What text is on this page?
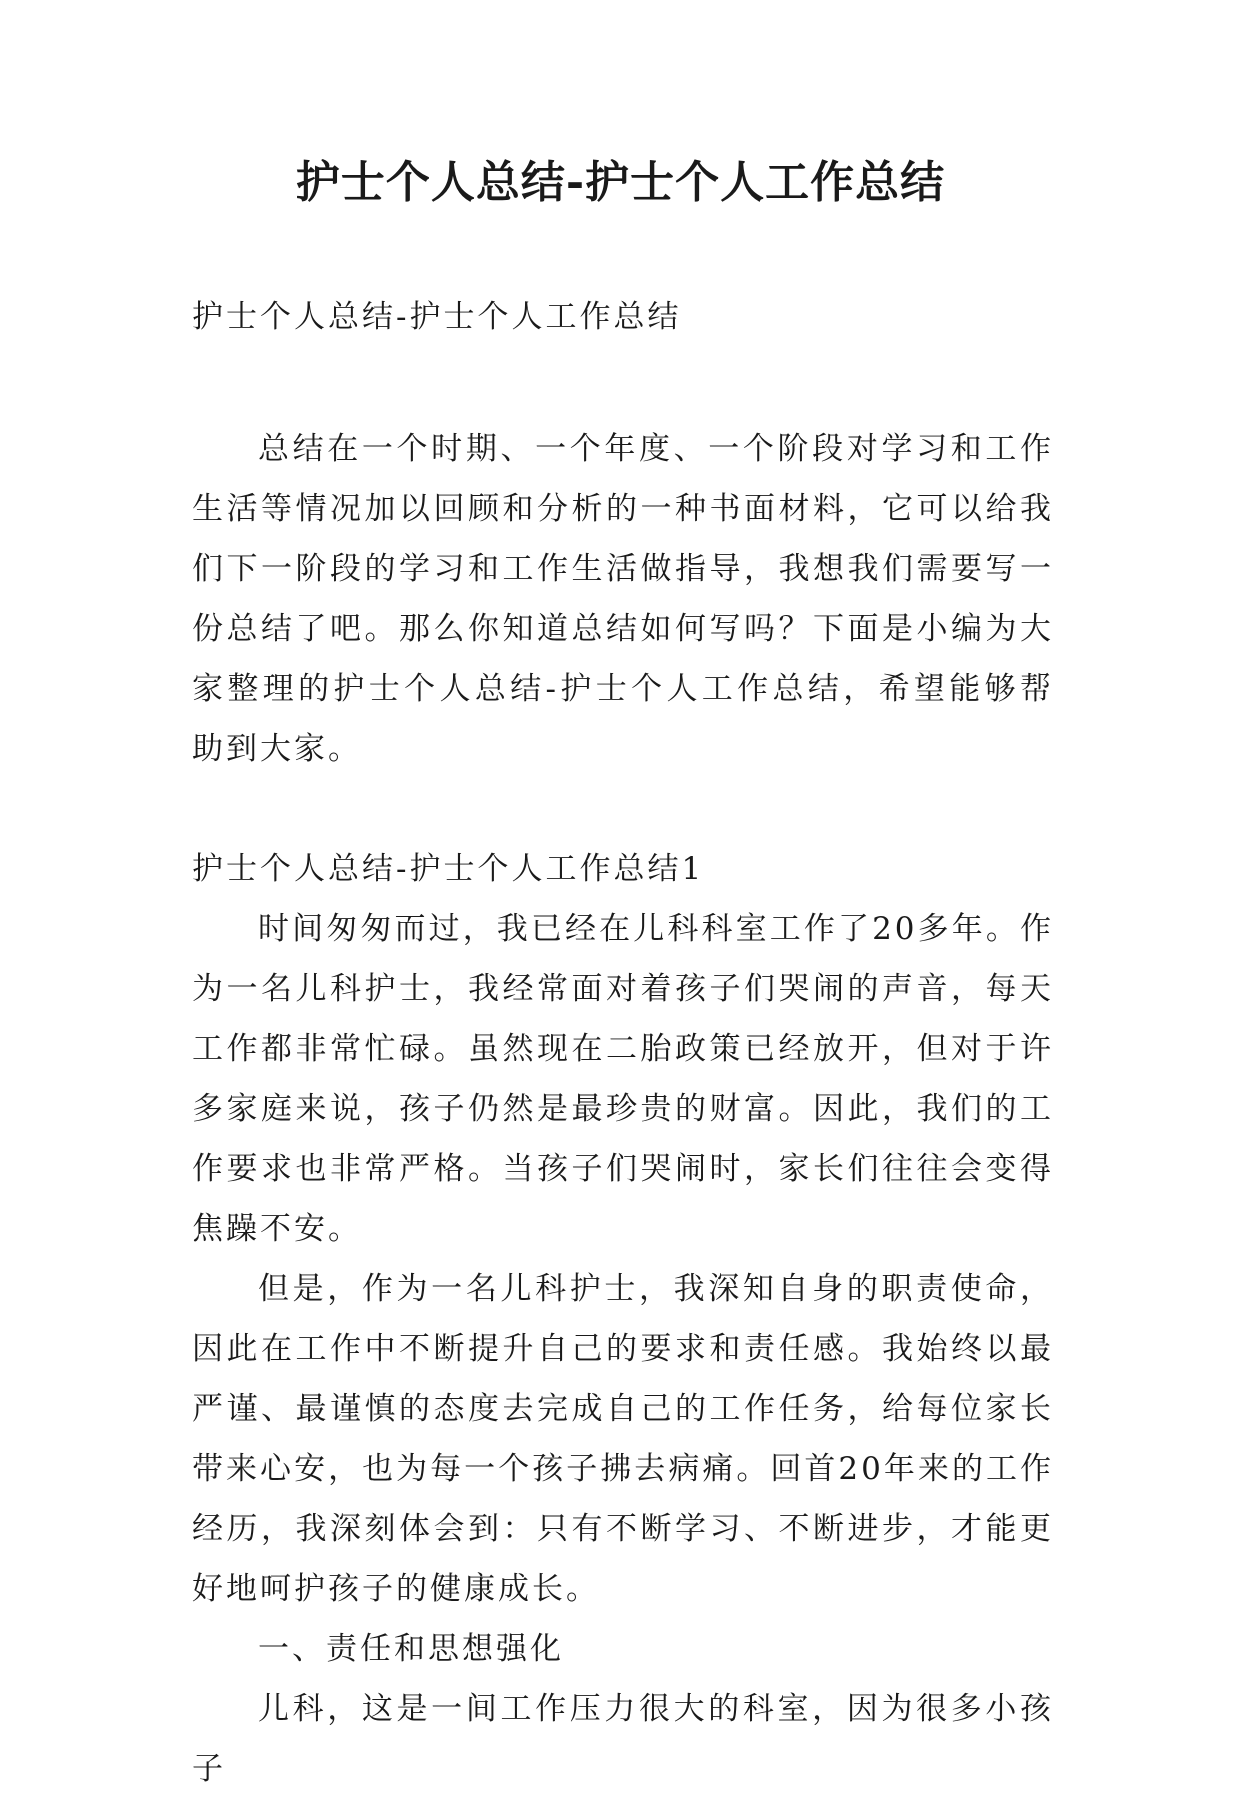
护士个人总结-护士个人工作总结

护士个人总结-护士个人工作总结

总结在一个时期、一个年度、一个阶段对学习和工作生活等情况加以回顾和分析的一种书面材料，它可以给我们下一阶段的学习和工作生活做指导，我想我们需要写一份总结了吧。那么你知道总结如何写吗？下面是小编为大家整理的护士个人总结-护士个人工作总结，希望能够帮助到大家。

护士个人总结-护士个人工作总结1

时间匆匆而过，我已经在儿科科室工作了20多年。作为一名儿科护士，我经常面对着孩子们哭闹的声音，每天工作都非常忙碌。虽然现在二胎政策已经放开，但对于许多家庭来说，孩子仍然是最珍贵的财富。因此，我们的工作要求也非常严格。当孩子们哭闹时，家长们往往会变得焦躁不安。

但是，作为一名儿科护士，我深知自身的职责使命，因此在工作中不断提升自己的要求和责任感。我始终以最严谨、最谨慎的态度去完成自己的工作任务，给每位家长带来心安，也为每一个孩子拂去病痛。回首20年来的工作经历，我深刻体会到：只有不断学习、不断进步，才能更好地呵护孩子的健康成长。

一、责任和思想强化

儿科，这是一间工作压力很大的科室，因为很多小孩子
